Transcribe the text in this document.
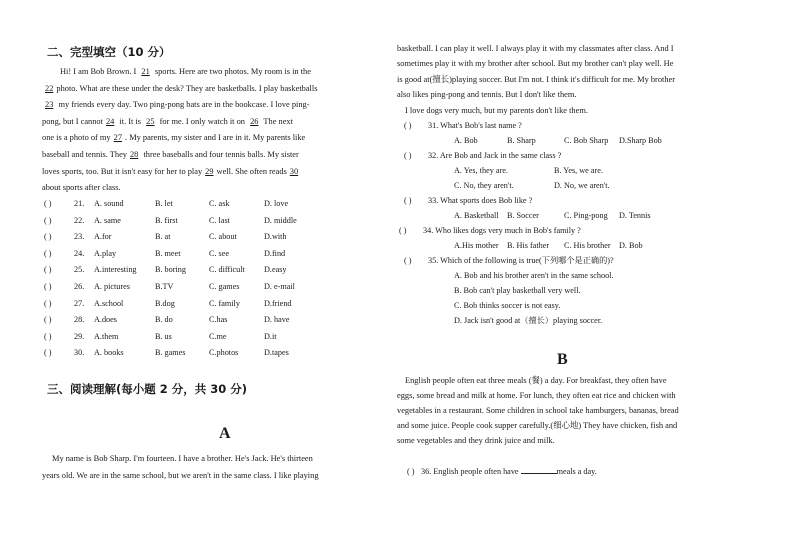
二、完型填空（10 分）
Hi! I am Bob Brown. I 21 sports. Here are two photos. My room is in the
22 photo. What are these under the desk? They are basketballs. I play basketballs
23 my friends every day. Two ping-pong bats are in the bookcase. I love ping-
pong, but I cannot 24 it. It is 25 for me. I only watch it on 26 The next
one is a photo of my 27 . My parents, my sister and I are in it. My parents like
baseball and tennis. They 28 three baseballs and four tennis balls. My sister
loves sports, too. But it isn't easy for her to play 29 well. She often reads 30
about sports after class.
( )	21. A. sound	B. let	C. ask	D. love
( )	22. A. same	B. first	C. last	D. middle
( )	23. A.for	B. at	C. about	D.with
( )	24. A.play	B. meet	C. see	D.find
( )	25. A.interesting B. boring	C. difficult D.easy
( )	26. A. pictures	B.TV	C. games	D. e-mail
( )	27. A.school	B.dog	C. family	D.friend
( )	28. A.does	B. do	C.has	D. have
( )	29. A.them	B. us	C.me	D.it
( )	30. A. books	B. games	C.photos	D.tapes
三、阅读理解(每小题 2 分，共 30 分)
A
My name is Bob Sharp. I'm fourteen. I have a brother. He's Jack. He's thirteen
years old. We are in the same school, but we aren't in the same class. I like playing
basketball. I can play it well. I always play it with my classmates after class. And I
sometimes play it with my brother after school. But my brother can't play well. He
is good at(擅长)playing soccer. But I'm not. I think it's difficult for me. My brother
also likes ping-pong and tennis. But I don't like them.
I love dogs very much, but my parents don't like them.
( ) 31. What's Bob's last name ?
A. Bob	B. Sharp	C. Bob Sharp D.Sharp Bob
( ) 32. Are Bob and Jack in the same class ?
A. Yes, they are.	B. Yes, we are.
C. No, they aren't.	D. No, we aren't.
( ) 33. What sports does Bob like ?
A. Basketball B. Soccer	C. Ping-pong D. Tennis
( ) 34. Who likes dogs very much in Bob's family ?
A.His mother B. His father C. His brother D. Bob
( ) 35. Which of the following is true(下列哪个是正确的)?
A. Bob and his brother aren't in the same school.
B. Bob can't play basketball very well.
C. Bob thinks soccer is not easy.
D. Jack isn't good at（擅长）playing soccer.
B
English people often eat three meals (餐) a day. For breakfast, they often have
eggs, some bread and milk at home. For lunch, they often eat rice and chicken with
vegetables in a restaurant. Some children in school take hamburgers, bananas, bread
and some juice. People cook supper carefully.(细心地) They have chicken, fish and
some vegetables and they drink juice and milk.
( ) 36. English people often have	meals a day.
